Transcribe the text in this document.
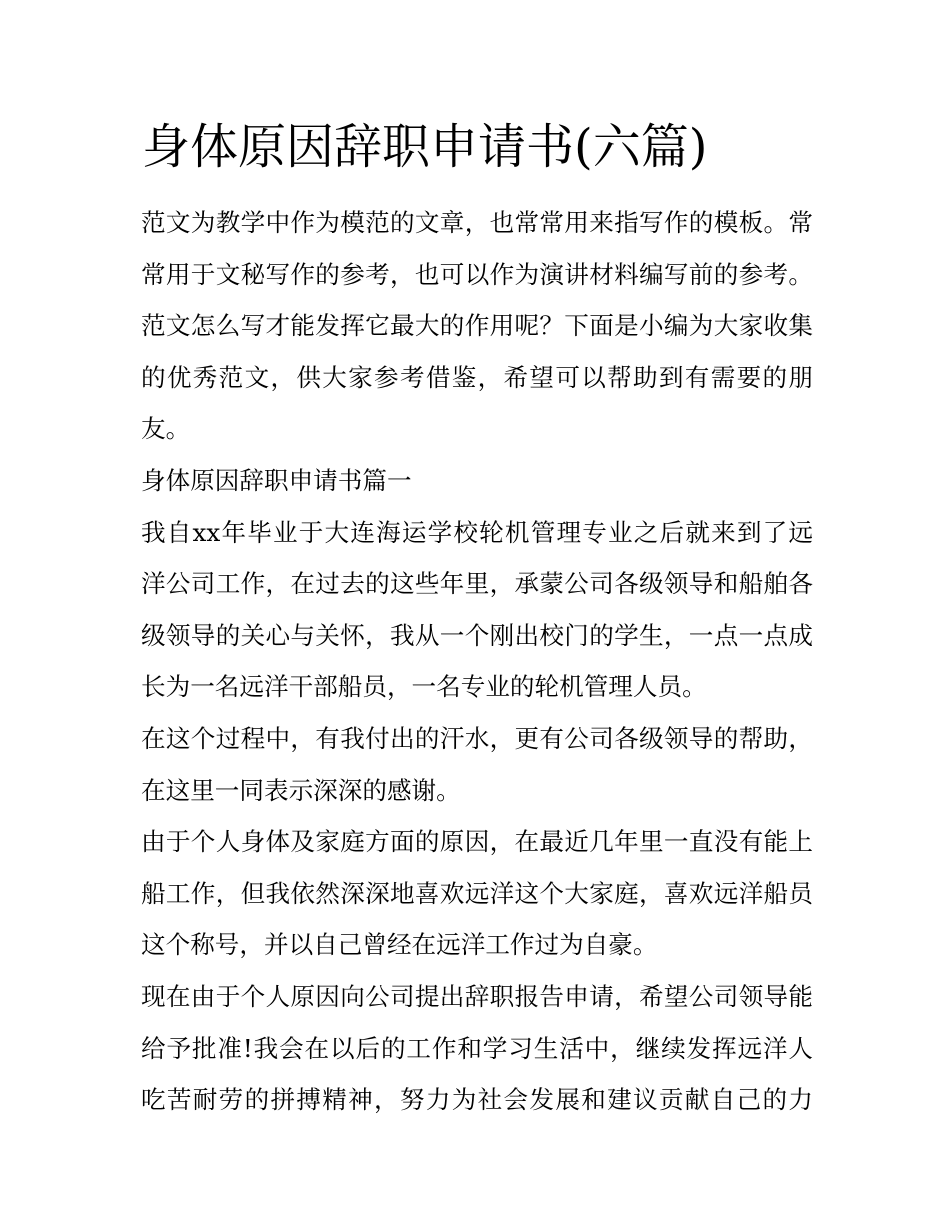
身体原因辞职申请书(六篇)

范文为教学中作为模范的文章，也常常用来指写作的模板。常
常用于文秘写作的参考，也可以作为演讲材料编写前的参考。
范文怎么写才能发挥它最大的作用呢？下面是小编为大家收集
的优秀范文，供大家参考借鉴，希望可以帮助到有需要的朋
友。

身体原因辞职申请书篇一

我自xx年毕业于大连海运学校轮机管理专业之后就来到了远
洋公司工作，在过去的这些年里，承蒙公司各级领导和船舶各
级领导的关心与关怀，我从一个刚出校门的学生，一点一点成
长为一名远洋干部船员，一名专业的轮机管理人员。

在这个过程中，有我付出的汗水，更有公司各级领导的帮助，
在这里一同表示深深的感谢。

由于个人身体及家庭方面的原因，在最近几年里一直没有能上
船工作，但我依然深深地喜欢远洋这个大家庭，喜欢远洋船员
这个称号，并以自己曾经在远洋工作过为自豪。

现在由于个人原因向公司提出辞职报告申请，希望公司领导能
给予批准!我会在以后的工作和学习生活中，继续发挥远洋人
吃苦耐劳的拼搏精神，努力为社会发展和建议贡献自己的力
